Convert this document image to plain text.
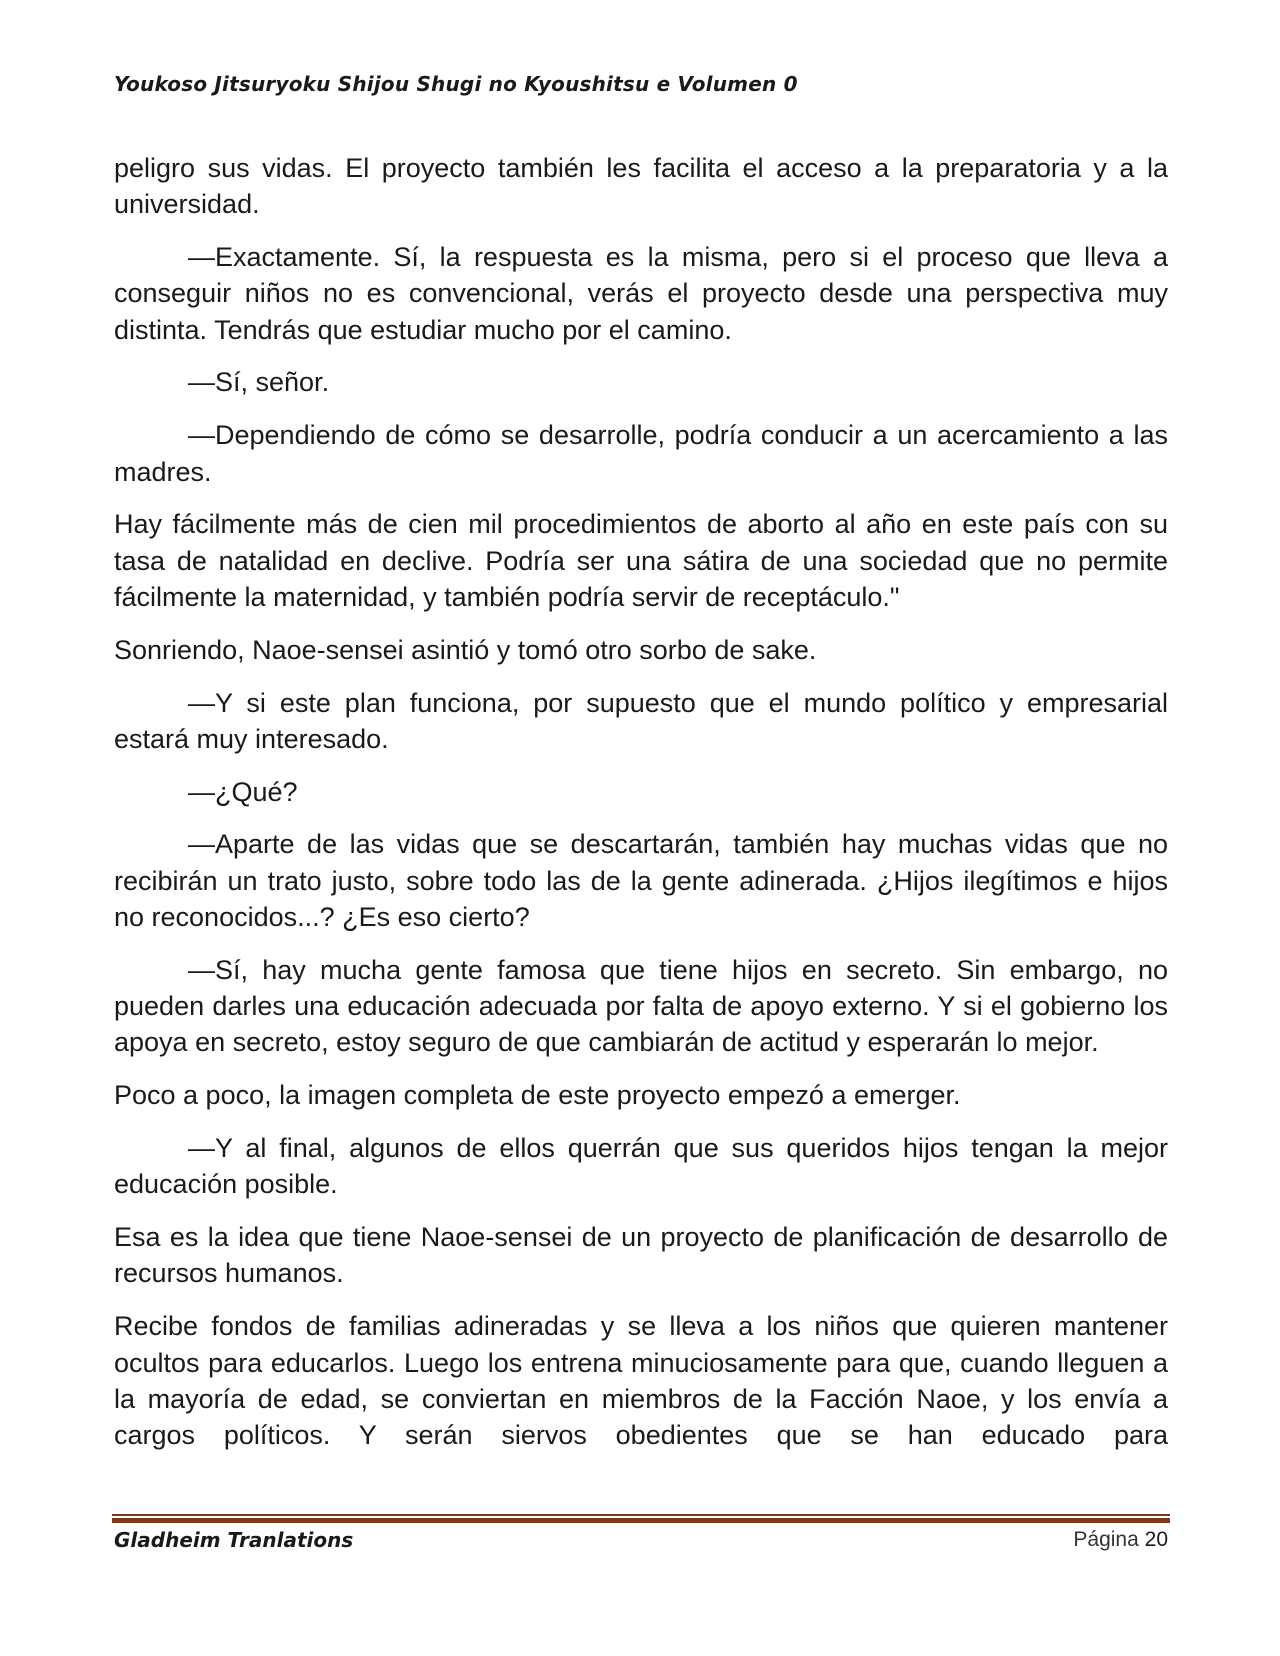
Youkoso Jitsuryoku Shijou Shugi no Kyoushitsu e Volumen 0

peligro sus vidas. El proyecto también les facilita el acceso a la preparatoria y a la universidad.

—Exactamente. Sí, la respuesta es la misma, pero si el proceso que lleva a conseguir niños no es convencional, verás el proyecto desde una perspectiva muy distinta. Tendrás que estudiar mucho por el camino.

—Sí, señor.

—Dependiendo de cómo se desarrolle, podría conducir a un acercamiento a las madres.

Hay fácilmente más de cien mil procedimientos de aborto al año en este país con su tasa de natalidad en declive. Podría ser una sátira de una sociedad que no permite fácilmente la maternidad, y también podría servir de receptáculo."

Sonriendo, Naoe-sensei asintió y tomó otro sorbo de sake.

—Y si este plan funciona, por supuesto que el mundo político y empresarial estará muy interesado.

—¿Qué?

—Aparte de las vidas que se descartarán, también hay muchas vidas que no recibirán un trato justo, sobre todo las de la gente adinerada. ¿Hijos ilegítimos e hijos no reconocidos...? ¿Es eso cierto?

—Sí, hay mucha gente famosa que tiene hijos en secreto. Sin embargo, no pueden darles una educación adecuada por falta de apoyo externo. Y si el gobierno los apoya en secreto, estoy seguro de que cambiarán de actitud y esperarán lo mejor.

Poco a poco, la imagen completa de este proyecto empezó a emerger.

—Y al final, algunos de ellos querrán que sus queridos hijos tengan la mejor educación posible.

Esa es la idea que tiene Naoe-sensei de un proyecto de planificación de desarrollo de recursos humanos.

Recibe fondos de familias adineradas y se lleva a los niños que quieren mantener ocultos para educarlos. Luego los entrena minuciosamente para que, cuando lleguen a la mayoría de edad, se conviertan en miembros de la Facción Naoe, y los envía a cargos políticos. Y serán siervos obedientes que se han educado para

Gladheim Tranlations	Página 20
